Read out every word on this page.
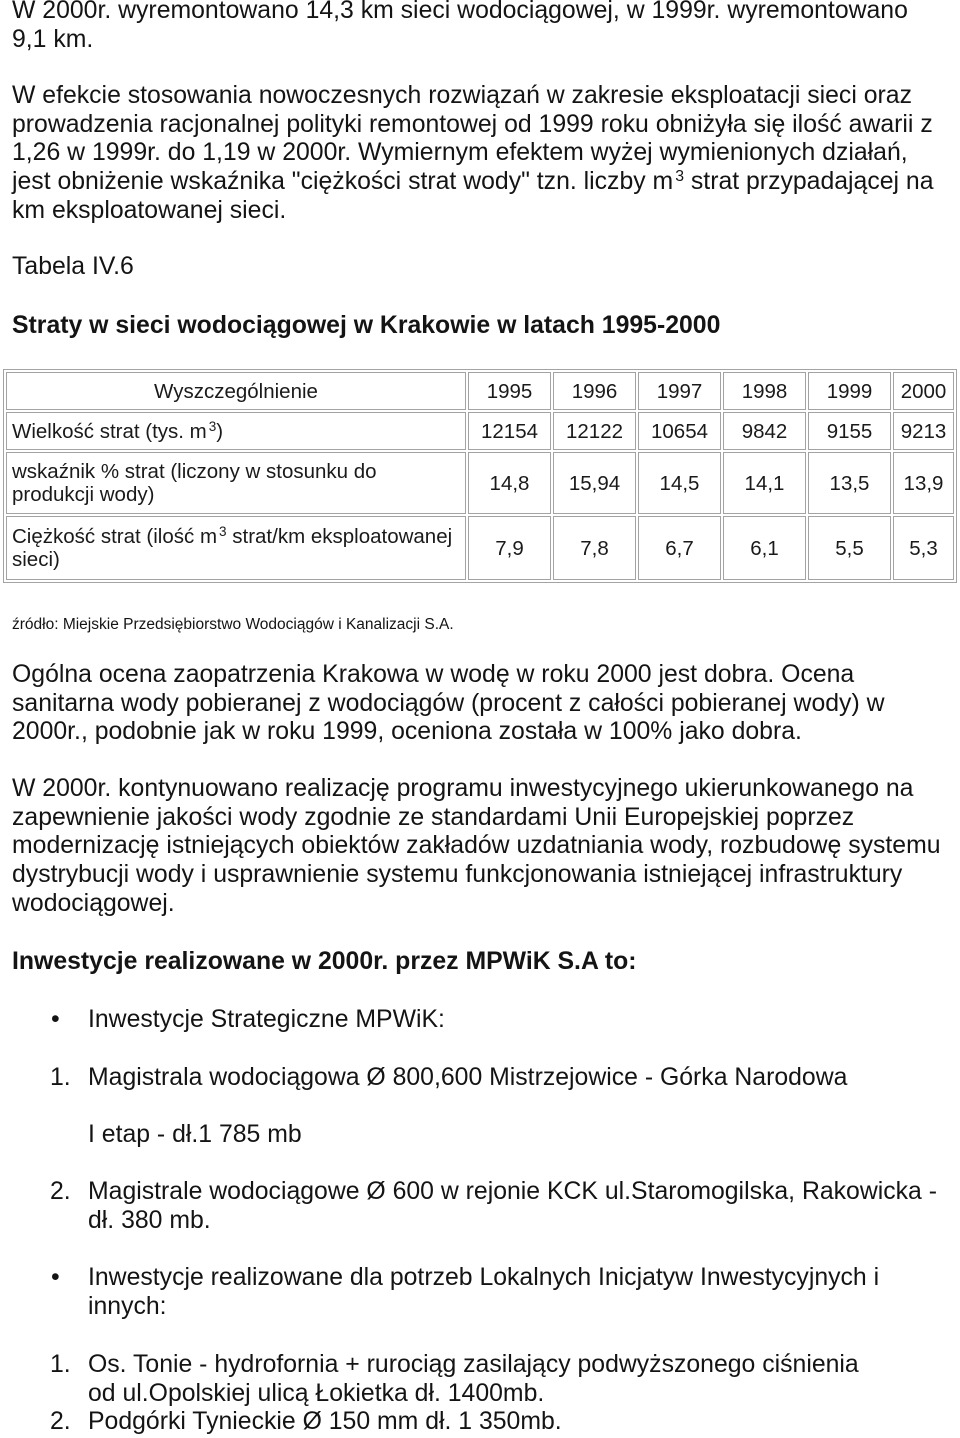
W 2000r. wyremontowano 14,3 km sieci wodociągowej, w 1999r. wyremontowano
9,1 km.
W efekcie stosowania nowoczesnych rozwiązań w zakresie eksploatacji sieci oraz
prowadzenia racjonalnej polityki remontowej od 1999 roku obniżyła się ilość awarii z
1,26 w 1999r. do 1,19 w 2000r. Wymiernym efektem wyżej wymienionych działań,
jest obniżenie wskaźnika "ciężkości strat wody" tzn. liczby m $^3$ strat przypadającej na
km eksploatowanej sieci.
Tabela IV.6
Straty w sieci wodociągowej w Krakowie w latach 1995-2000
Wyszczególnienie	1995	1996	1997	1998	1999	2000
Wielkość strat (tys. m $^3$)	12154	12122	10654	9842	9155	9213

wskaźnik % strat (liczony w stosunku do
produkcji wody)	14,8	15,94	14,5	14,1	13,5	13,9

Ciężkość strat (ilość m $^3$ strat/km eksploatowanej
sieci)	7,9	7,8	6,7	6,1	5,5	5,3
źródło: Miejskie Przedsiębiorstwo Wodociągów i Kanalizacji S.A.
Ogólna ocena zaopatrzenia Krakowa w wodę w roku 2000 jest dobra. Ocena
sanitarna wody pobieranej z wodociągów (procent z całości pobieranej wody) w
2000r., podobnie jak w roku 1999, oceniona została w 100% jako dobra.
W 2000r. kontynuowano realizację programu inwestycyjnego ukierunkowanego na
zapewnienie jakości wody zgodnie ze standardami Unii Europejskiej poprzez
modernizację istniejących obiektów zakładów uzdatniania wody, rozbudowę systemu
dystrybucji wody i usprawnienie systemu funkcjonowania istniejącej infrastruktury
wodociągowej.
Inwestycje realizowane w 2000r. przez MPWiK S.A to:
• Inwestycje Strategiczne MPWiK:
1. Magistrala wodociągowa Ø 800,600 Mistrzejowice - Górka Narodowa
I etap - dł.1 785 mb
2. Magistrale wodociągowe Ø 600 w rejonie KCK ul.Staromogilska, Rakowicka -
dł. 380 mb.
• Inwestycje realizowane dla potrzeb Lokalnych Inicjatyw Inwestycyjnych i
innych:
1. Os. Tonie - hydrofornia + rurociąg zasilający podwyższonego ciśnienia
od ul.Opolskiej ulicą Łokietka dł. 1400mb.
2. Podgórki Tynieckie Ø 150 mm dł. 1 350mb.
